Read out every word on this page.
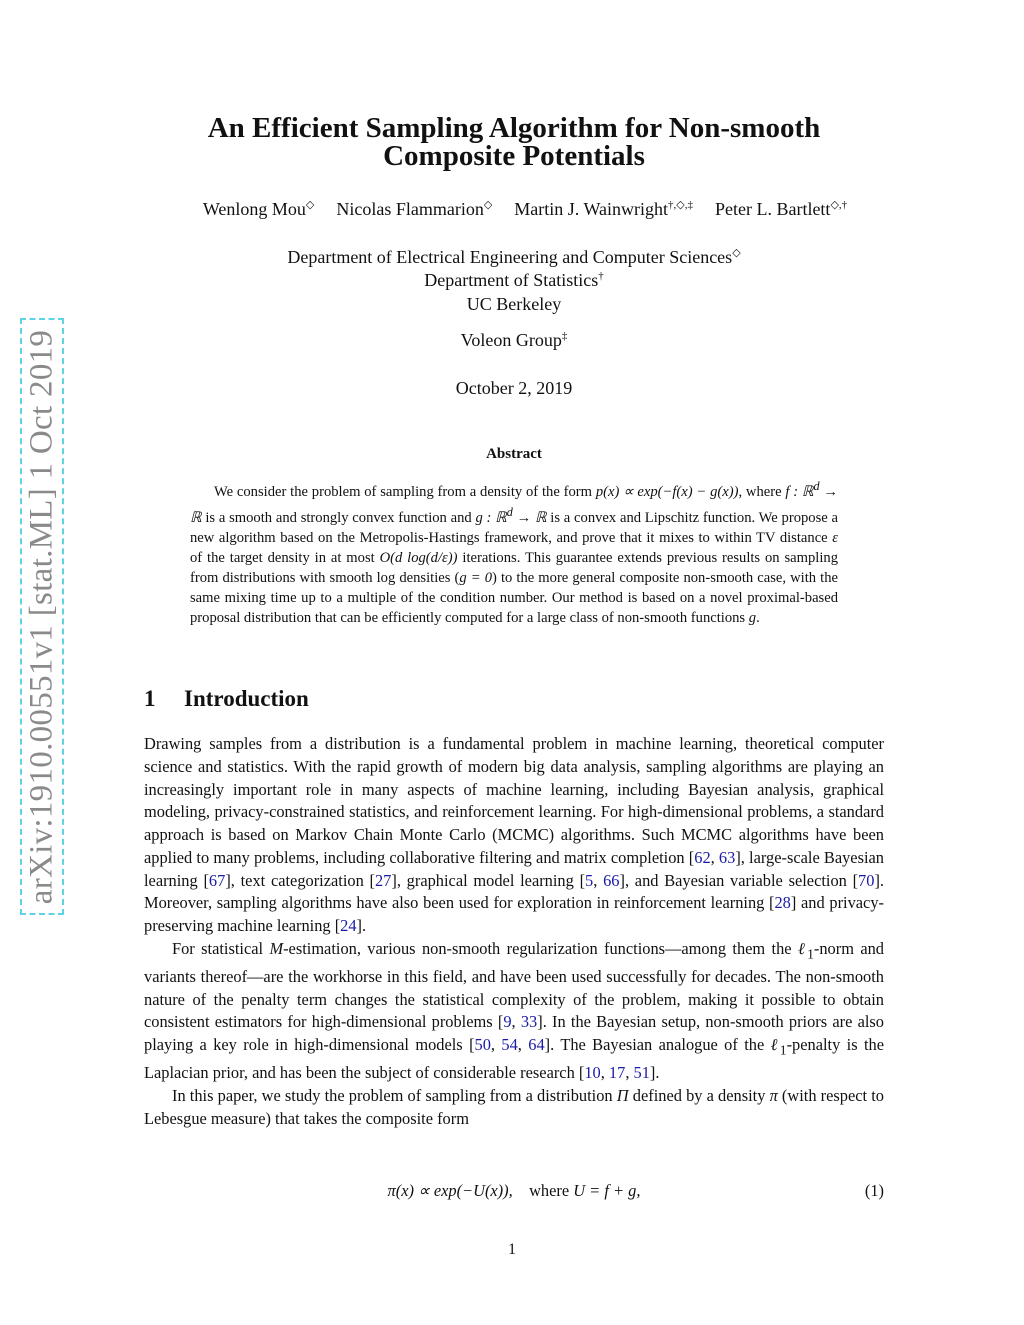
arXiv:1910.00551v1 [stat.ML] 1 Oct 2019
An Efficient Sampling Algorithm for Non-smooth
Composite Potentials
Wenlong Mou◇ Nicolas Flammarion◇ Martin J. Wainwright†,◇,‡ Peter L. Bartlett◇,†
Department of Electrical Engineering and Computer Sciences◇
Department of Statistics†
UC Berkeley
Voleon Group‡
October 2, 2019
Abstract
We consider the problem of sampling from a density of the form p(x) ∝ exp(−f(x) − g(x)), where f : ℝ$^d$ → ℝ is a smooth and strongly convex function and g : ℝ$^d$ → ℝ is a convex and Lipschitz function. We propose a new algorithm based on the Metropolis-Hastings framework, and prove that it mixes to within TV distance ε of the target density in at most O(d log(d/ε)) iterations. This guarantee extends previous results on sampling from distributions with smooth log densities (g = 0) to the more general composite non-smooth case, with the same mixing time up to a multiple of the condition number. Our method is based on a novel proximal-based proposal distribution that can be efficiently computed for a large class of non-smooth functions g.
1 Introduction

Drawing samples from a distribution is a fundamental problem in machine learning, theoretical computer science and statistics. With the rapid growth of modern big data analysis, sampling algorithms are playing an increasingly important role in many aspects of machine learning, including Bayesian analysis, graphical modeling, privacy-constrained statistics, and reinforcement learning. For high-dimensional problems, a standard approach is based on Markov Chain Monte Carlo (MCMC) algorithms. Such MCMC algorithms have been applied to many problems, including collaborative filtering and matrix completion [62, 63], large-scale Bayesian learning [67], text categorization [27], graphical model learning [5, 66], and Bayesian variable selection [70]. Moreover, sampling algorithms have also been used for exploration in reinforcement learning [28] and privacy-preserving machine learning [24].

For statistical M-estimation, various non-smooth regularization functions—among them the ℓ$_1$-norm and variants thereof—are the workhorse in this field, and have been used successfully for decades. The non-smooth nature of the penalty term changes the statistical complexity of the problem, making it possible to obtain consistent estimators for high-dimensional problems [9, 33]. In the Bayesian setup, non-smooth priors are also playing a key role in high-dimensional models [50, 54, 64]. The Bayesian analogue of the ℓ$_1$-penalty is the Laplacian prior, and has been the subject of considerable research [10, 17, 51].

In this paper, we study the problem of sampling from a distribution Π defined by a density π (with respect to Lebesgue measure) that takes the composite form

π(x) ∝ exp(−U(x)), where U = f + g,	(1)
1
